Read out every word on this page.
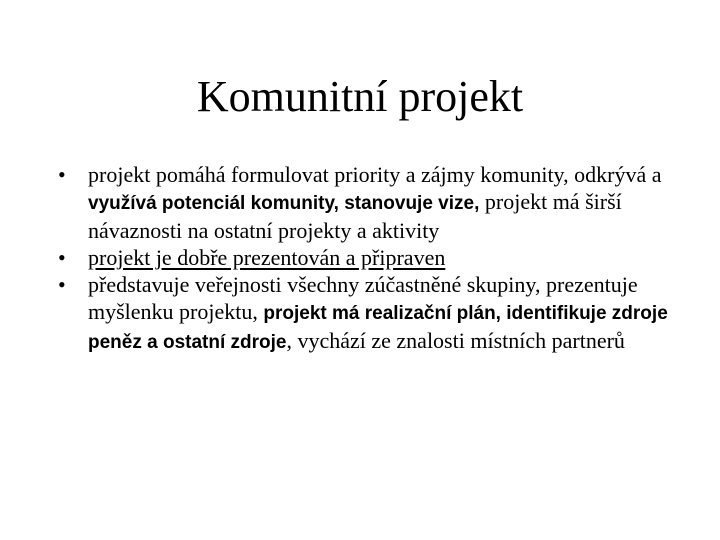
Komunitní projekt
•	projekt pomáhá formulovat priority a zájmy komunity, odkrývá a využívá potenciál komunity, stanovuje vize, projekt má širší návaznosti na ostatní projekty a aktivity
•	projekt je dobře prezentován a připraven
•	představuje veřejnosti všechny zúčastněné skupiny, prezentuje myšlenku projektu, projekt má realizační plán, identifikuje zdroje peněz a ostatní zdroje, vychází ze znalosti místních partnerů
